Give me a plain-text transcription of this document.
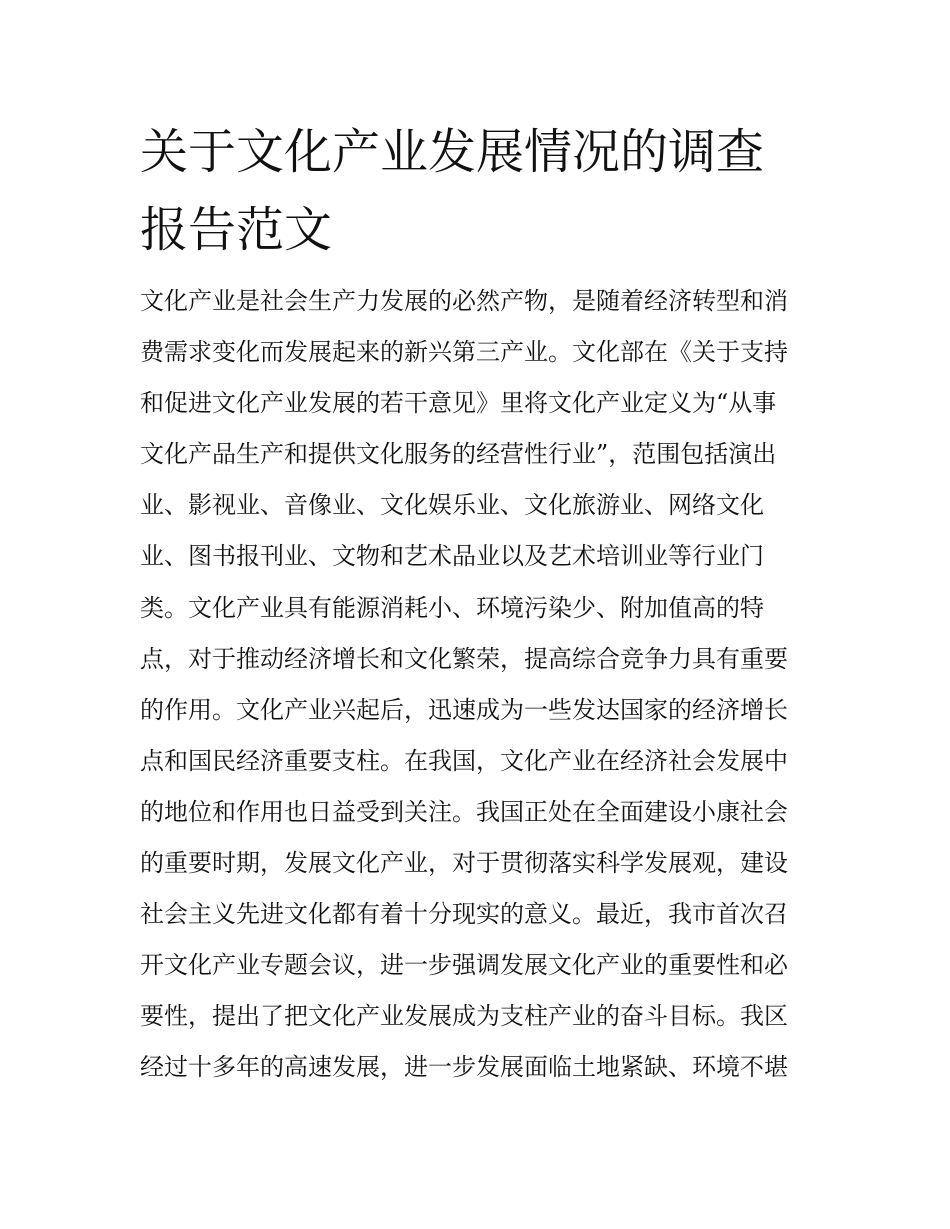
关于文化产业发展情况的调查
报告范文
文化产业是社会生产力发展的必然产物，是随着经济转型和消
费需求变化而发展起来的新兴第三产业。文化部在《关于支持
和促进文化产业发展的若干意见》里将文化产业定义为“从事
文化产品生产和提供文化服务的经营性行业”，范围包括演出
业、影视业、音像业、文化娱乐业、文化旅游业、网络文化
业、图书报刊业、文物和艺术品业以及艺术培训业等行业门
类。文化产业具有能源消耗小、环境污染少、附加值高的特
点，对于推动经济增长和文化繁荣，提高综合竞争力具有重要
的作用。文化产业兴起后，迅速成为一些发达国家的经济增长
点和国民经济重要支柱。在我国，文化产业在经济社会发展中
的地位和作用也日益受到关注。我国正处在全面建设小康社会
的重要时期，发展文化产业，对于贯彻落实科学发展观，建设
社会主义先进文化都有着十分现实的意义。最近，我市首次召
开文化产业专题会议，进一步强调发展文化产业的重要性和必
要性，提出了把文化产业发展成为支柱产业的奋斗目标。我区
经过十多年的高速发展，进一步发展面临土地紧缺、环境不堪
